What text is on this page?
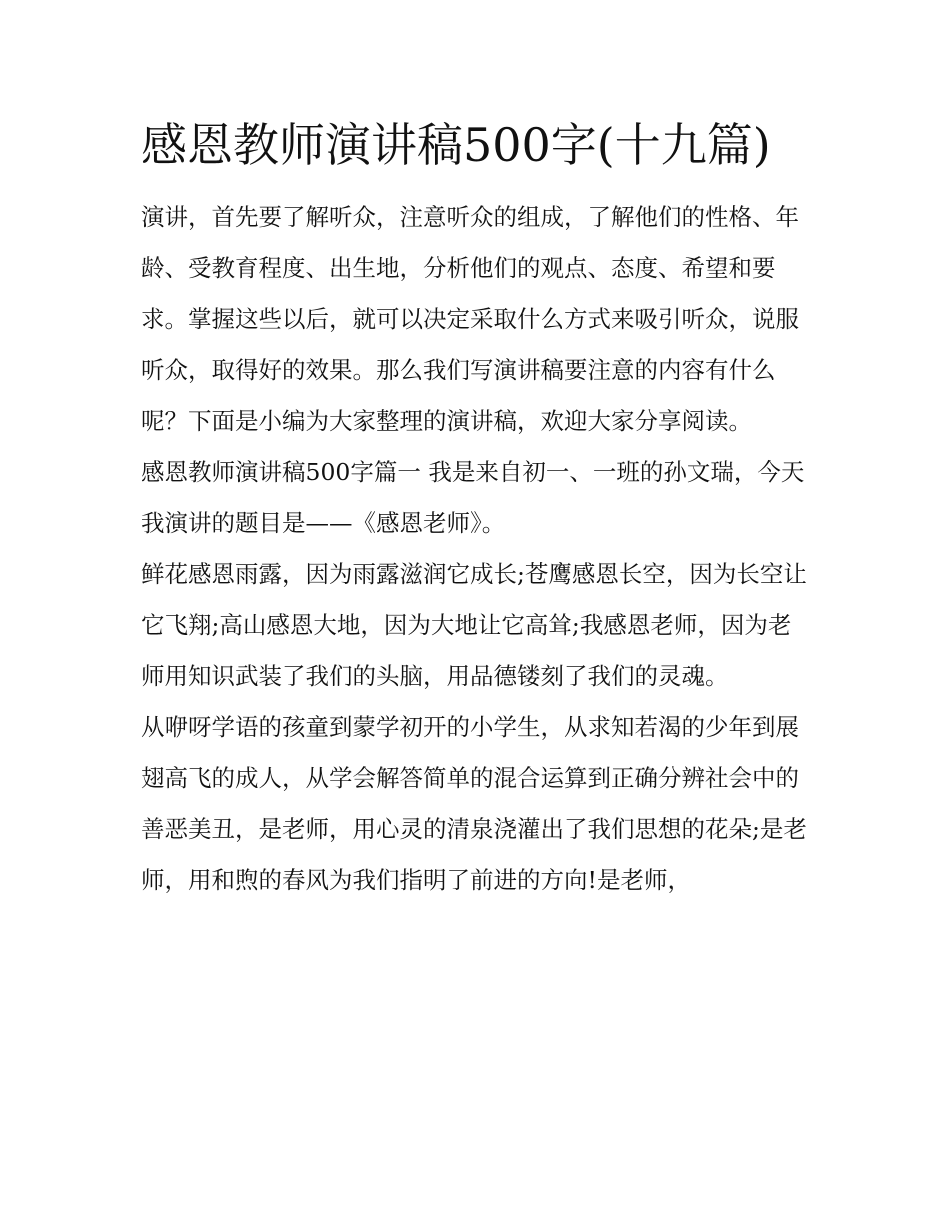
感恩教师演讲稿500字(十九篇)

演讲，首先要了解听众，注意听众的组成，了解他们的性格、年龄、受教育程度、出生地，分析他们的观点、态度、希望和要求。掌握这些以后，就可以决定采取什么方式来吸引听众，说服听众，取得好的效果。那么我们写演讲稿要注意的内容有什么呢？下面是小编为大家整理的演讲稿，欢迎大家分享阅读。

感恩教师演讲稿500字篇一 我是来自初一、一班的孙文瑞，今天我演讲的题目是——《感恩老师》。

鲜花感恩雨露，因为雨露滋润它成长;苍鹰感恩长空，因为长空让它飞翔;高山感恩大地，因为大地让它高耸;我感恩老师，因为老师用知识武装了我们的头脑，用品德镂刻了我们的灵魂。

从咿呀学语的孩童到蒙学初开的小学生，从求知若渴的少年到展翅高飞的成人，从学会解答简单的混合运算到正确分辨社会中的善恶美丑，是老师，用心灵的清泉浇灌出了我们思想的花朵;是老师，用和煦的春风为我们指明了前进的方向!是老师，
